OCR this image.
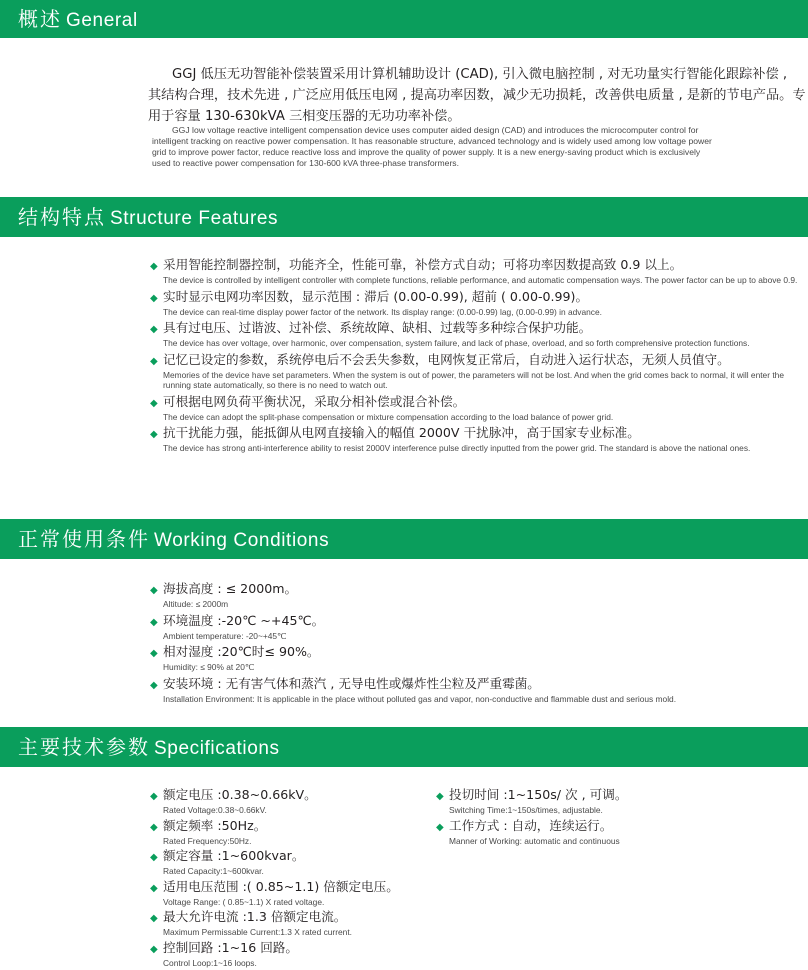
概述 General
GGJ 低压无功智能补偿装置采用计算机辅助设计 (CAD), 引入微电脑控制 , 对无功量实行智能化跟踪补偿 ,
其结构合理，技术先进 , 广泛应用低压电网 , 提高功率因数，减少无功损耗，改善供电质量 , 是新的节电产品。专
用于容量 130-630kVA 三相变压器的无功功率补偿。
GGJ low voltage reactive intelligent compensation device uses computer aided design (CAD) and introduces the microcomputer control for
intelligent tracking on reactive power compensation. It has reasonable structure, advanced technology and is widely used among low voltage power
grid to improve power factor, reduce reactive loss and improve the quality of power supply. It is a new energy-saving product which is exclusively
used to reactive power compensation for 130-600 kVA three-phase transformers.
结构特点 Structure Features
◆ 采用智能控制器控制，功能齐全，性能可靠，补偿方式自动；可将功率因数提高致 0.9 以上。
The device is controlled by intelligent controller with complete functions, reliable performance, and automatic compensation ways. The power factor can be up to above 0.9.
◆ 实时显示电网功率因数，显示范围 : 滞后 (0.00-0.99), 超前 ( 0.00-0.99)。
The device can real-time display power factor of the network. Its display range: (0.00-0.99) lag, (0.00-0.99) in advance.
◆ 具有过电压、过谐波、过补偿、系统故障、缺相、过载等多种综合保护功能。
The device has over voltage, over harmonic, over compensation, system failure, and lack of phase, overload, and so forth comprehensive protection functions.
◆ 记忆已设定的参数，系统停电后不会丢失参数，电网恢复正常后，自动进入运行状态，无须人员值守。
Memories of the device have set parameters. When the system is out of power, the parameters will not be lost. And when the grid comes back to normal, it will enter the running state automatically, so there is no need to watch out.
◆ 可根据电网负荷平衡状况，采取分相补偿或混合补偿。
The device can adopt the split-phase compensation or mixture compensation according to the load balance of power grid.
◆ 抗干扰能力强，能抵御从电网直接输入的幅值 2000V 干扰脉冲，高于国家专业标准。
The device has strong anti-interference ability to resist 2000V interference pulse directly inputted from the power grid. The standard is above the national ones.
正常使用条件 Working Conditions
◆ 海拔高度 : ≤ 2000m。
Altitude: ≤ 2000m
◆ 环境温度 :-20℃ ~+45℃。
Ambient temperature: -20~+45℃
◆ 相对湿度 :20℃时≤ 90%。
Humidity: ≤ 90% at 20℃
◆ 安装环境 : 无有害气体和蒸汽 , 无导电性或爆炸性尘粒及严重霉菌。
Installation Environment: It is applicable in the place without polluted gas and vapor, non-conductive and flammable dust and serious mold.
主要技术参数 Specifications
◆ 额定电压 :0.38~0.66kV。
Rated Voltage:0.38~0.66kV.
◆ 额定频率 :50Hz。
Rated Frequency:50Hz.
◆ 额定容量 :1~600kvar。
Rated Capacity:1~600kvar.
◆ 适用电压范围 :( 0.85~1.1) 倍额定电压。
Voltage Range: ( 0.85~1.1) X rated voltage.
◆ 最大允许电流 :1.3 倍额定电流。
Maximum Permissable Current:1.3 X rated current.
◆ 控制回路 :1~16 回路。
Control Loop:1~16 loops.
◆ 投切时间 :1~150s/ 次 , 可调。
Switching Time:1~150s/times, adjustable.
◆ 工作方式 : 自动，连续运行。
Manner of Working: automatic and continuous
